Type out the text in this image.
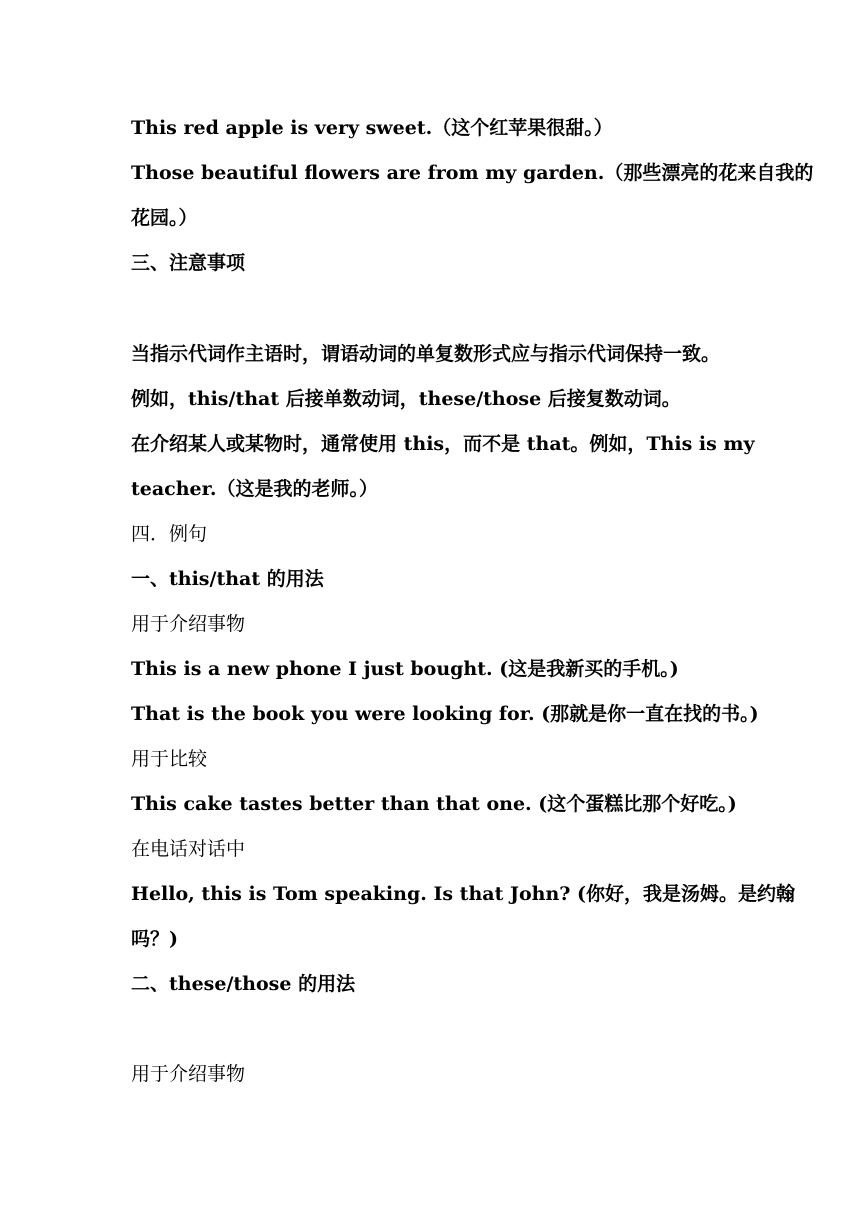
This red apple is very sweet.（这个红苹果很甜。）
Those beautiful flowers are from my garden.（那些漂亮的花来自我的
花园。）
三、注意事项
当指示代词作主语时，谓语动词的单复数形式应与指示代词保持一致。
例如，this/that 后接单数动词，these/those 后接复数动词。
在介绍某人或某物时，通常使用 this，而不是 that。例如，This is my
teacher.（这是我的老师。）
四．例句
一、this/that 的用法
用于介绍事物
This is a new phone I just bought. (这是我新买的手机。)
That is the book you were looking for. (那就是你一直在找的书。)
用于比较
This cake tastes better than that one. (这个蛋糕比那个好吃。)
在电话对话中
Hello, this is Tom speaking. Is that John? (你好，我是汤姆。是约翰
吗？)
二、these/those 的用法
用于介绍事物
